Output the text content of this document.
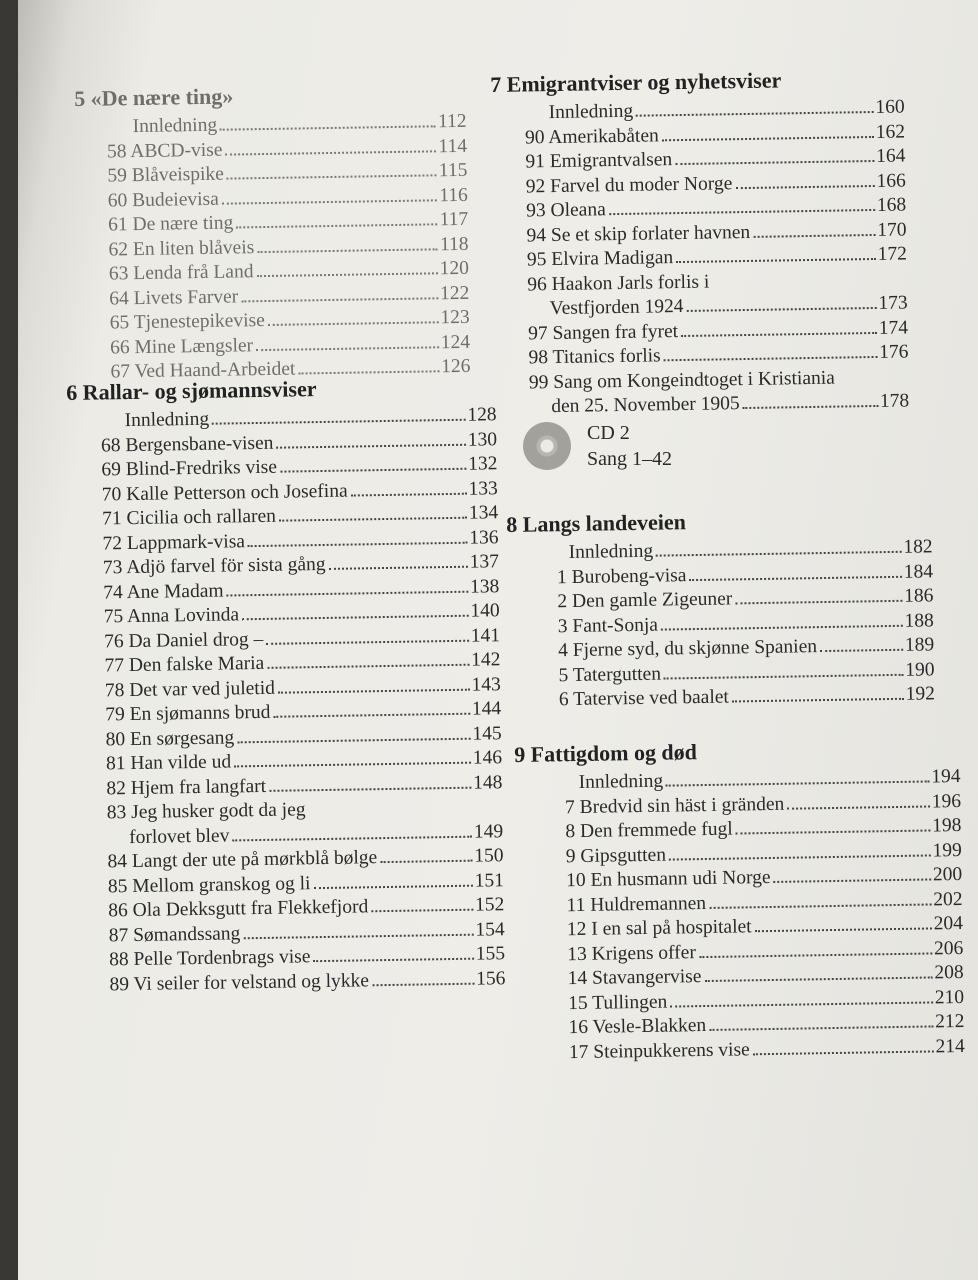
5 «De nære ting»
Innledning	112
58 ABCD-vise	114
59 Blåveispike	115
60 Budeievisa	116
61 De nære ting	117
62 En liten blåveis	118
63 Lenda frå Land	120
64 Livets Farver	122
65 Tjenestepikevise	123
66 Mine Længsler	124
67 Ved Haand-Arbeidet	126
6 Rallar- og sjømannsviser
Innledning	128
68 Bergensbane-visen	130
69 Blind-Fredriks vise	132
70 Kalle Petterson och Josefina	133
71 Cicilia och rallaren	134
72 Lappmark-visa	136
73 Adjö farvel för sista gång	137
74 Ane Madam	138
75 Anna Lovinda	140
76 Da Daniel drog –	141
77 Den falske Maria	142
78 Det var ved juletid	143
79 En sjømanns brud	144
80 En sørgesang	145
81 Han vilde ud	146
82 Hjem fra langfart	148
83 Jeg husker godt da jeg
forlovet blev	149
84 Langt der ute på mørkblå bølge	150
85 Mellom granskog og li	151
86 Ola Dekksgutt fra Flekkefjord	152
87 Sømandssang	154
88 Pelle Tordenbrags vise	155
89 Vi seiler for velstand og lykke	156
7 Emigrantviser og nyhetsviser
Innledning	160
90 Amerikabåten	162
91 Emigrantvalsen	164
92 Farvel du moder Norge	166
93 Oleana	168
94 Se et skip forlater havnen	170
95 Elvira Madigan	172
96 Haakon Jarls forlis i
Vestfjorden 1924	173
97 Sangen fra fyret	174
98 Titanics forlis	176
99 Sang om Kongeindtoget i Kristiania
den 25. November 1905	178
CD 2
Sang 1–42
8 Langs landeveien
Innledning	182
1 Burobeng-visa	184
2 Den gamle Zigeuner	186
3 Fant-Sonja	188
4 Fjerne syd, du skjønne Spanien	189
5 Tatergutten	190
6 Tatervise ved baalet	192
9 Fattigdom og død
Innledning	194
7 Bredvid sin häst i gränden	196
8 Den fremmede fugl	198
9 Gipsgutten	199
10 En husmann udi Norge	200
11 Huldremannen	202
12 I en sal på hospitalet	204
13 Krigens offer	206
14 Stavangervise	208
15 Tullingen	210
16 Vesle-Blakken	212
17 Steinpukkerens vise	214
